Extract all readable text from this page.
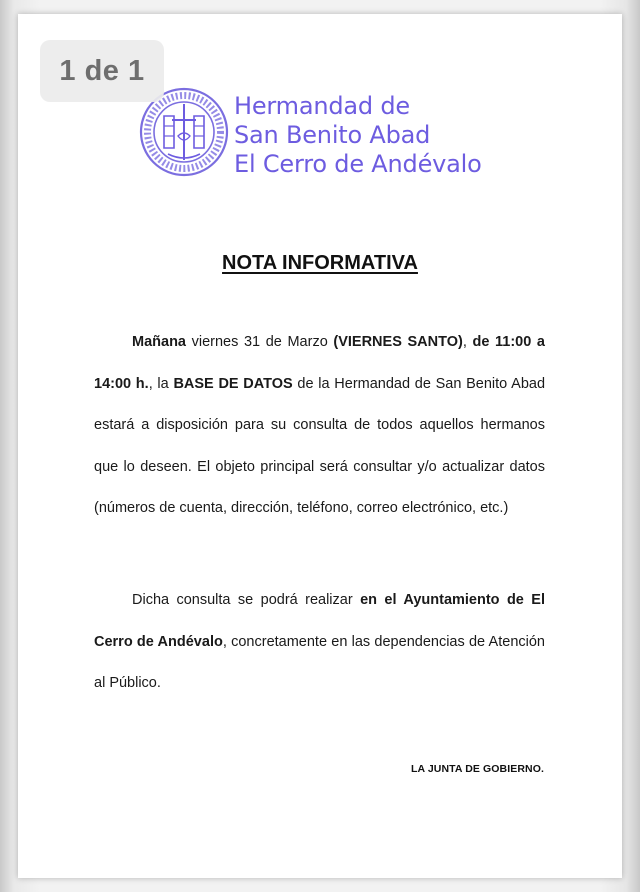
Hermandad de
San Benito Abad
El Cerro de Andévalo
NOTA INFORMATIVA

Mañana viernes 31 de Marzo (VIERNES SANTO), de 11:00 a 14:00 h., la BASE DE DATOS de la Hermandad de San Benito Abad estará a disposición para su consulta de todos aquellos hermanos que lo deseen. El objeto principal será consultar y/o actualizar datos (números de cuenta, dirección, teléfono, correo electrónico, etc.)

Dicha consulta se podrá realizar en el Ayuntamiento de El Cerro de Andévalo, concretamente en las dependencias de Atención al Público.

LA JUNTA DE GOBIERNO.
1 de 1
